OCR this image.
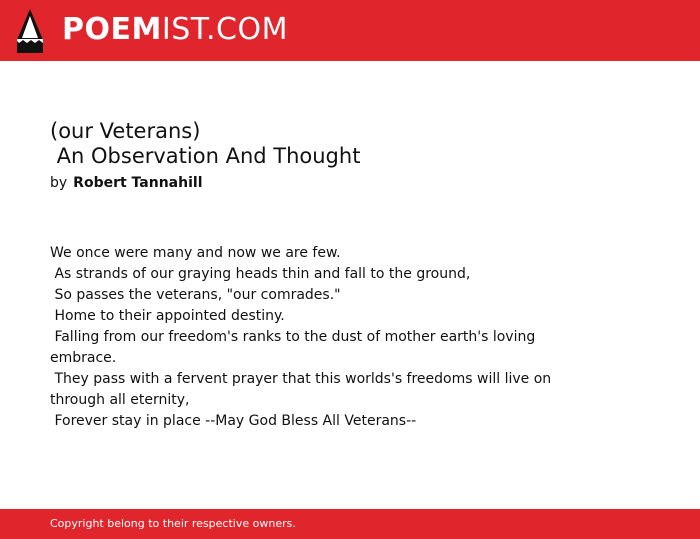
POEMIST.COM
(our Veterans)
An Observation And Thought
by Robert Tannahill
We once were many and now we are few.
As strands of our graying heads thin and fall to the ground,
So passes the veterans, "our comrades."
Home to their appointed destiny.
Falling from our freedom's ranks to the dust of mother earth's loving embrace.
They pass with a fervent prayer that this worlds's freedoms will live on through all eternity,
Forever stay in place --May God Bless All Veterans--
Copyright belong to their respective owners.
